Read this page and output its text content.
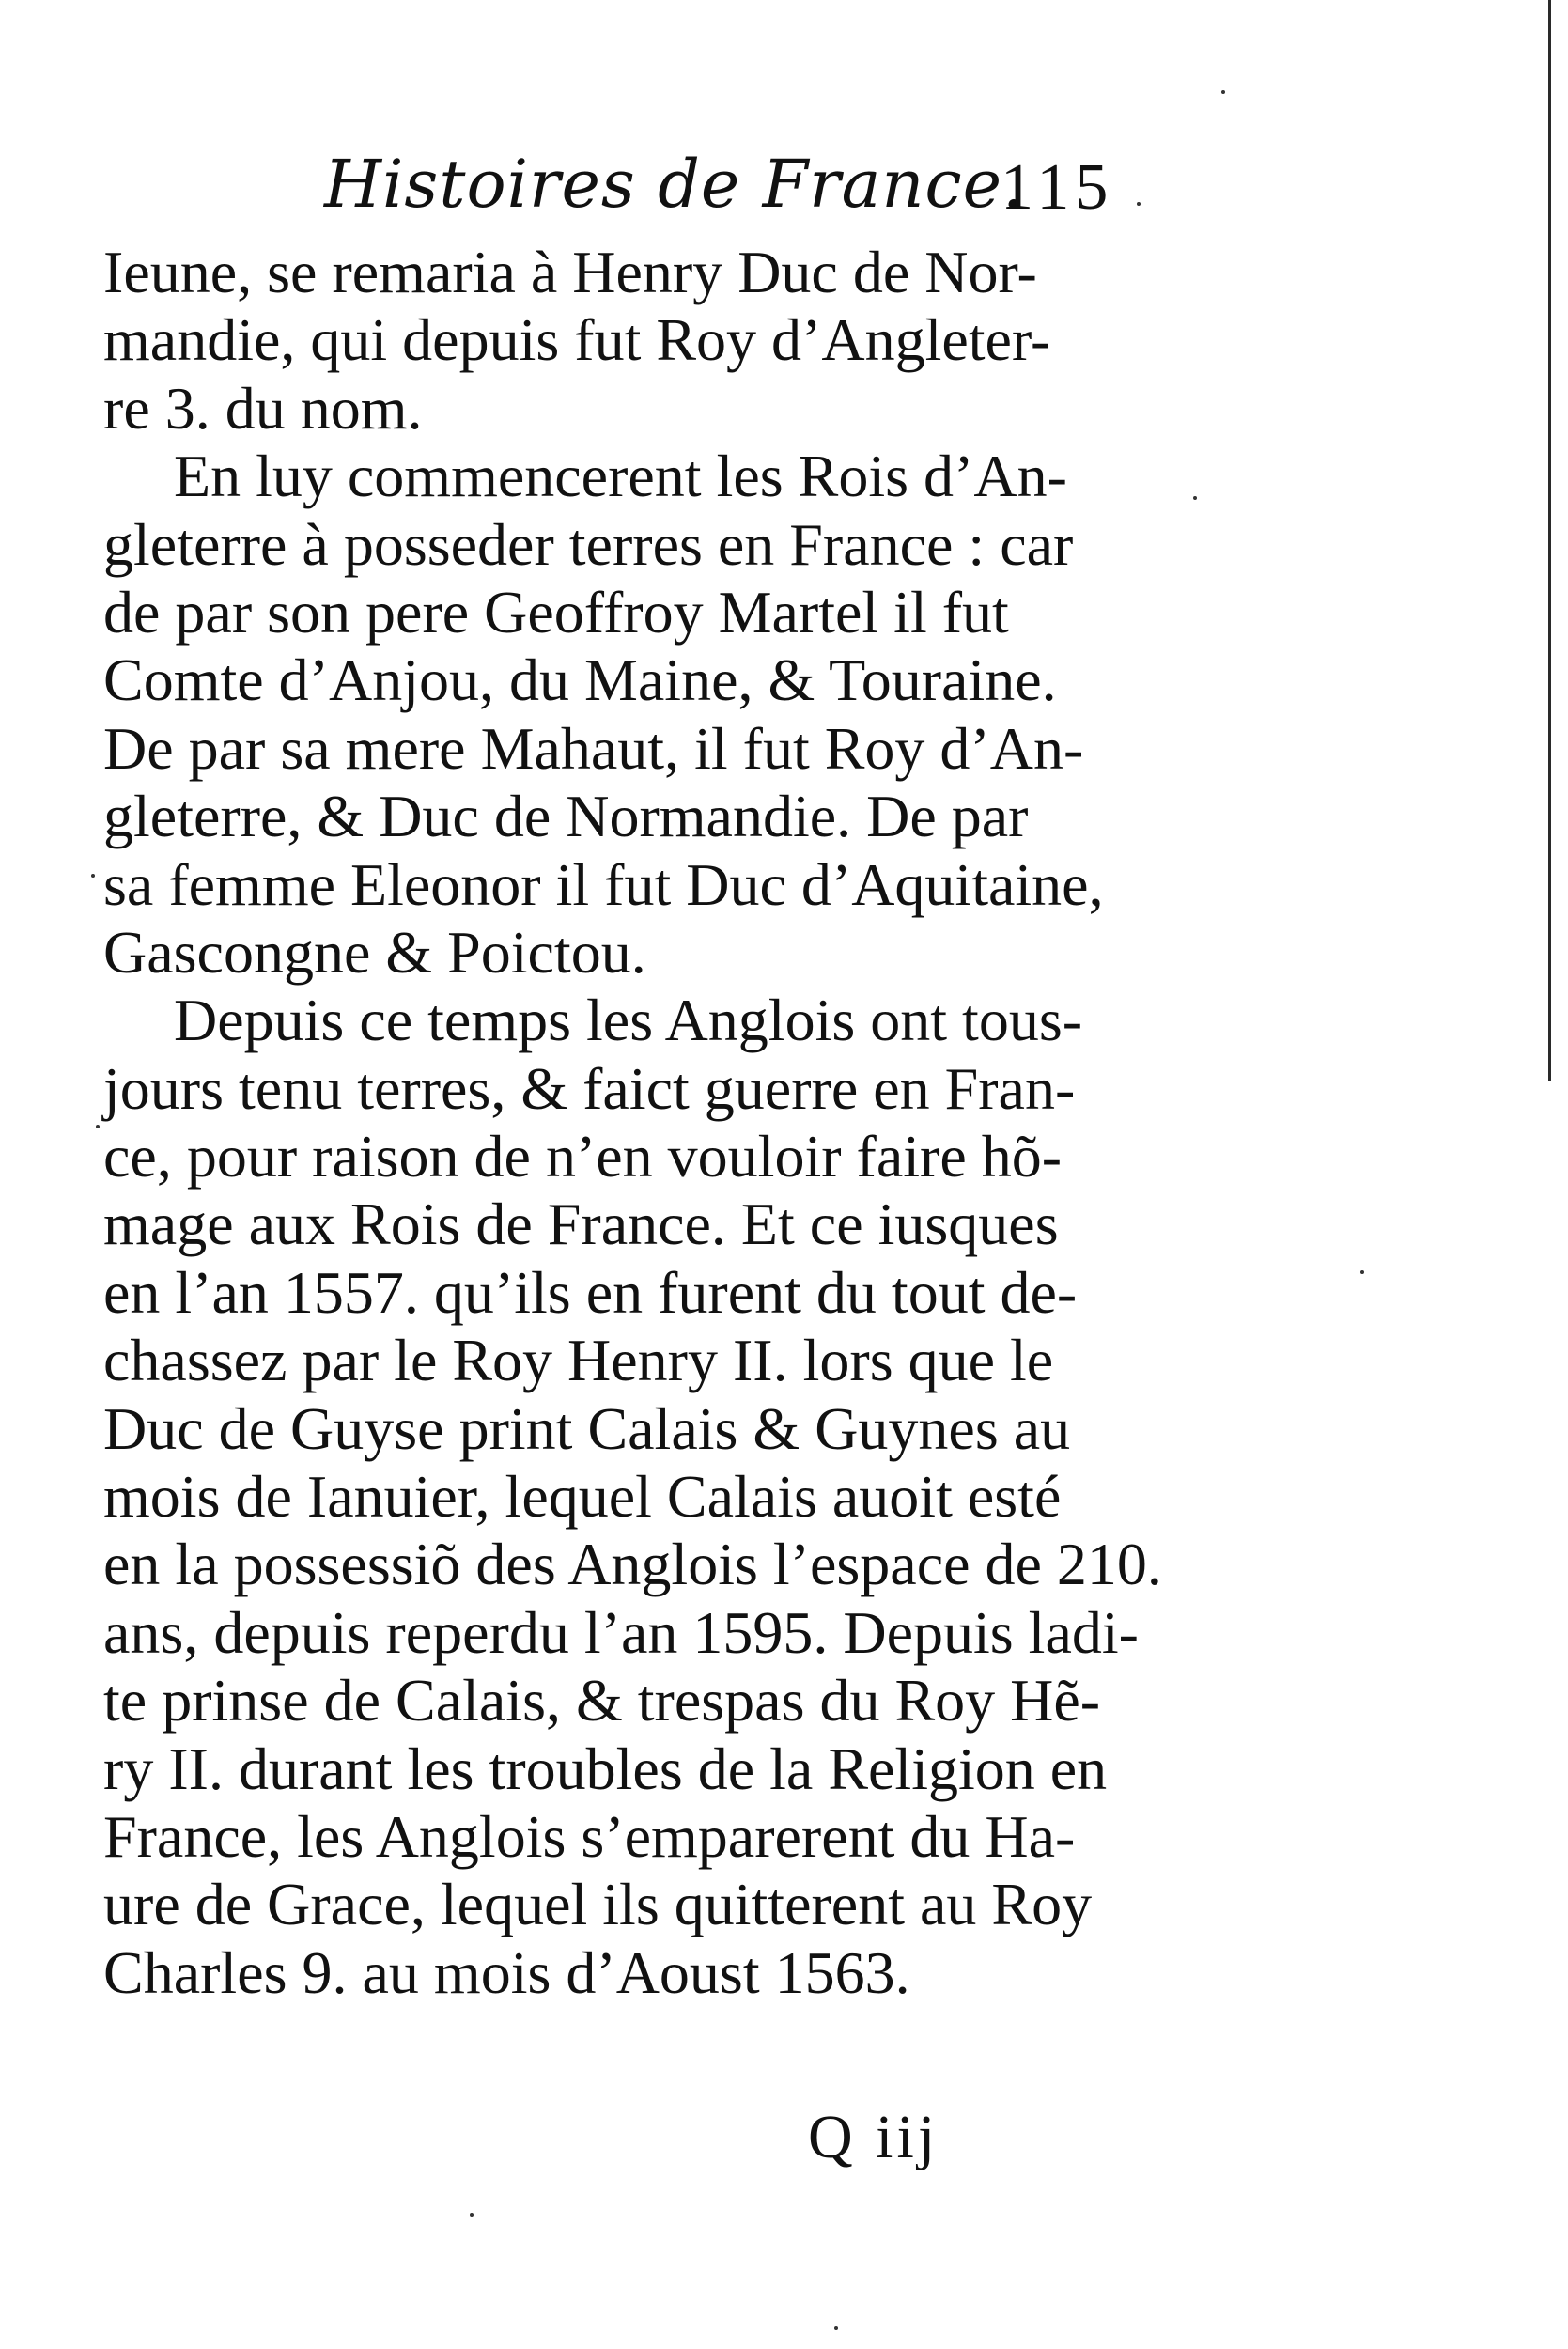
Histoires de France.
115
Ieune, se remaria à Henry Duc de Nor-
mandie, qui depuis fut Roy d’Angleter-
re 3. du nom.
En luy commencerent les Rois d’An-
gleterre à posseder terres en France : car
de par son pere Geoffroy Martel il fut
Comte d’Anjou, du Maine, & Touraine.
De par sa mere Mahaut, il fut Roy d’An-
gleterre, & Duc de Normandie. De par
sa femme Eleonor il fut Duc d’Aquitaine,
Gascongne & Poictou.
Depuis ce temps les Anglois ont tous-
jours tenu terres, & faict guerre en Fran-
ce, pour raison de n’en vouloir faire hõ-
mage aux Rois de France. Et ce iusques
en l’an 1557. qu’ils en furent du tout de-
chassez par le Roy Henry II. lors que le
Duc de Guyse print Calais & Guynes au
mois de Ianuier, lequel Calais auoit esté
en la possessiõ des Anglois l’espace de 210.
ans, depuis reperdu l’an 1595. Depuis ladi-
te prinse de Calais, & trespas du Roy Hẽ-
ry II. durant les troubles de la Religion en
France, les Anglois s’emparerent du Ha-
ure de Grace, lequel ils quitterent au Roy
Charles 9. au mois d’Aoust 1563.
Q iij
